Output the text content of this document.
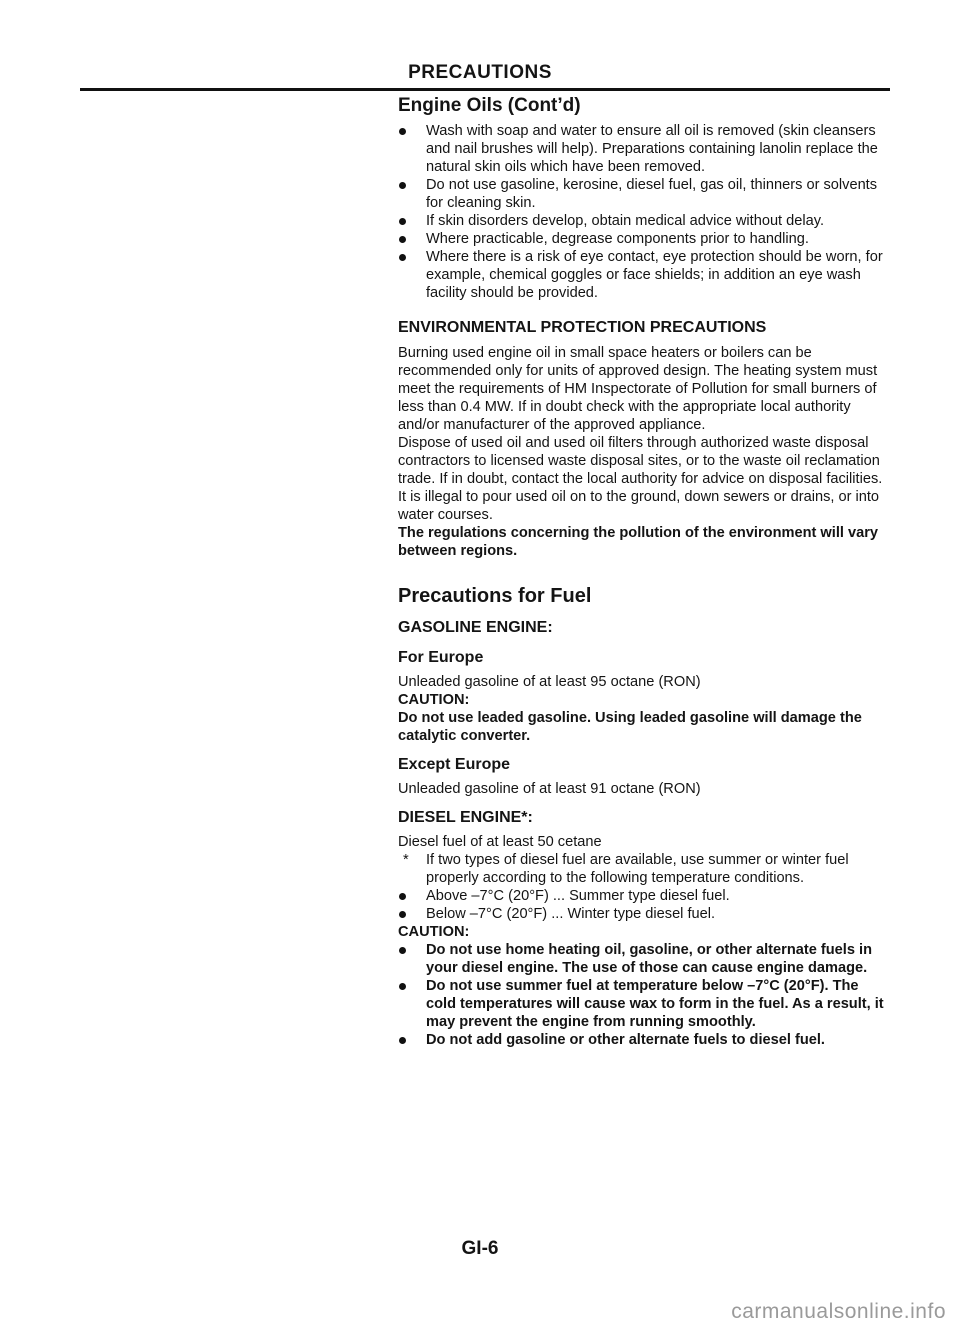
PRECAUTIONS
Engine Oils (Cont’d)
Wash with soap and water to ensure all oil is removed (skin cleansers and nail brushes will help). Preparations containing lanolin replace the natural skin oils which have been removed.
Do not use gasoline, kerosine, diesel fuel, gas oil, thinners or solvents for cleaning skin.
If skin disorders develop, obtain medical advice without delay.
Where practicable, degrease components prior to handling.
Where there is a risk of eye contact, eye protection should be worn, for example, chemical goggles or face shields; in addition an eye wash facility should be provided.
ENVIRONMENTAL PROTECTION PRECAUTIONS

Burning used engine oil in small space heaters or boilers can be recommended only for units of approved design. The heating system must meet the requirements of HM Inspectorate of Pollution for small burners of less than 0.4 MW. If in doubt check with the appropriate local authority and/or manufacturer of the approved appliance.

Dispose of used oil and used oil filters through authorized waste disposal contractors to licensed waste disposal sites, or to the waste oil reclamation trade. If in doubt, contact the local authority for advice on disposal facilities.

It is illegal to pour used oil on to the ground, down sewers or drains, or into water courses.

The regulations concerning the pollution of the environment will vary between regions.

Precautions for Fuel
GASOLINE ENGINE:
For Europe

Unleaded gasoline of at least 95 octane (RON)

CAUTION:

Do not use leaded gasoline. Using leaded gasoline will damage the catalytic converter.

Except Europe

Unleaded gasoline of at least 91 octane (RON)

DIESEL ENGINE*:

Diesel fuel of at least 50 cetane

* If two types of diesel fuel are available, use summer or winter fuel properly according to the following temperature conditions.
Above –7°C (20°F) ... Summer type diesel fuel.
Below –7°C (20°F) ... Winter type diesel fuel.

CAUTION:

Do not use home heating oil, gasoline, or other alternate fuels in your diesel engine. The use of those can cause engine damage.
Do not use summer fuel at temperature below –7°C (20°F). The cold temperatures will cause wax to form in the fuel. As a result, it may prevent the engine from running smoothly.
Do not add gasoline or other alternate fuels to diesel fuel.
GI-6
carmanualsonline.info
